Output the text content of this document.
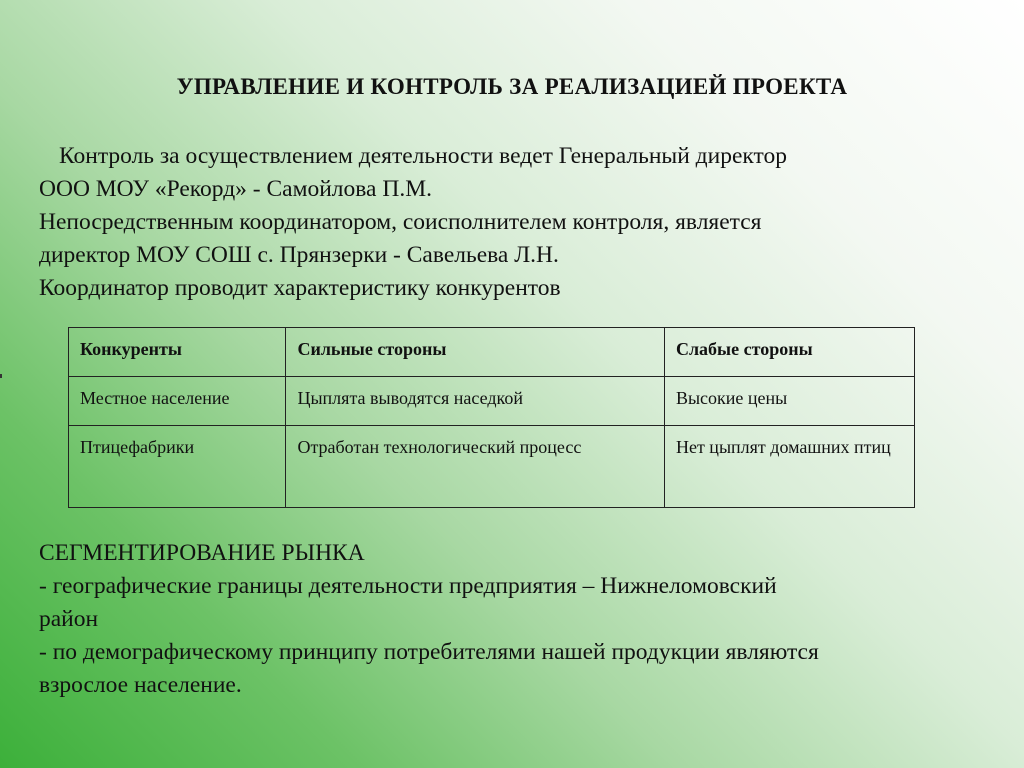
УПРАВЛЕНИЕ И КОНТРОЛЬ ЗА РЕАЛИЗАЦИЕЙ ПРОЕКТА

Контроль за осуществлением деятельности ведет Генеральный директор

ООО МОУ «Рекорд» - Самойлова П.М.

Непосредственным координатором, соисполнителем контроля, является

директор МОУ СОШ с. Прянзерки - Савельева Л.Н.

Координатор проводит характеристику конкурентов

Конкуренты	Сильные стороны	Слабые стороны
Местное население	Цыплята выводятся наседкой	Высокие цены
Птицефабрики	Отработан технологический процесс	Нет цыплят домашних птиц

СЕГМЕНТИРОВАНИЕ РЫНКА

- географические границы деятельности предприятия – Нижнеломовский

район

- по демографическому принципу потребителями нашей продукции являются

взрослое население.
